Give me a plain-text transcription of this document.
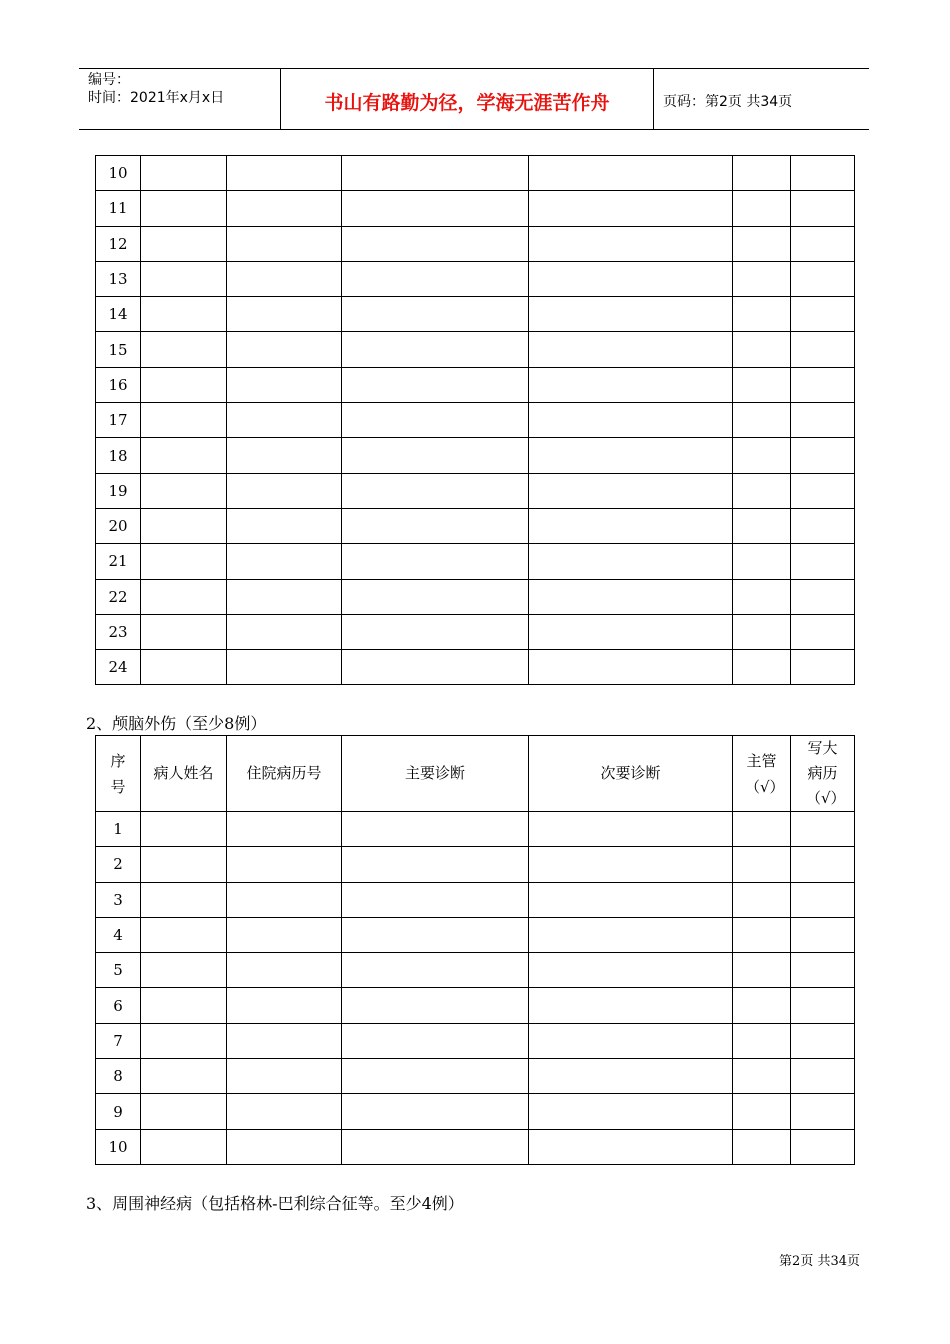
编号：
时间：2021年x月x日	书山有路勤为径，学海无涯苦作舟	页码：第2页 共34页
10						
11						
12						
13						
14						
15						
16						
17						
18						
19						
20						
21						
22						
23						
24						
2、颅脑外伤（至少8例）
序号	病人姓名	住院病历号	主要诊断	次要诊断	主管（√）	写大病历（√）
1						
2						
3						
4						
5						
6						
7						
8						
9						
10						
3、周围神经病（包括格林-巴利综合征等。至少4例）
第2页 共34页
